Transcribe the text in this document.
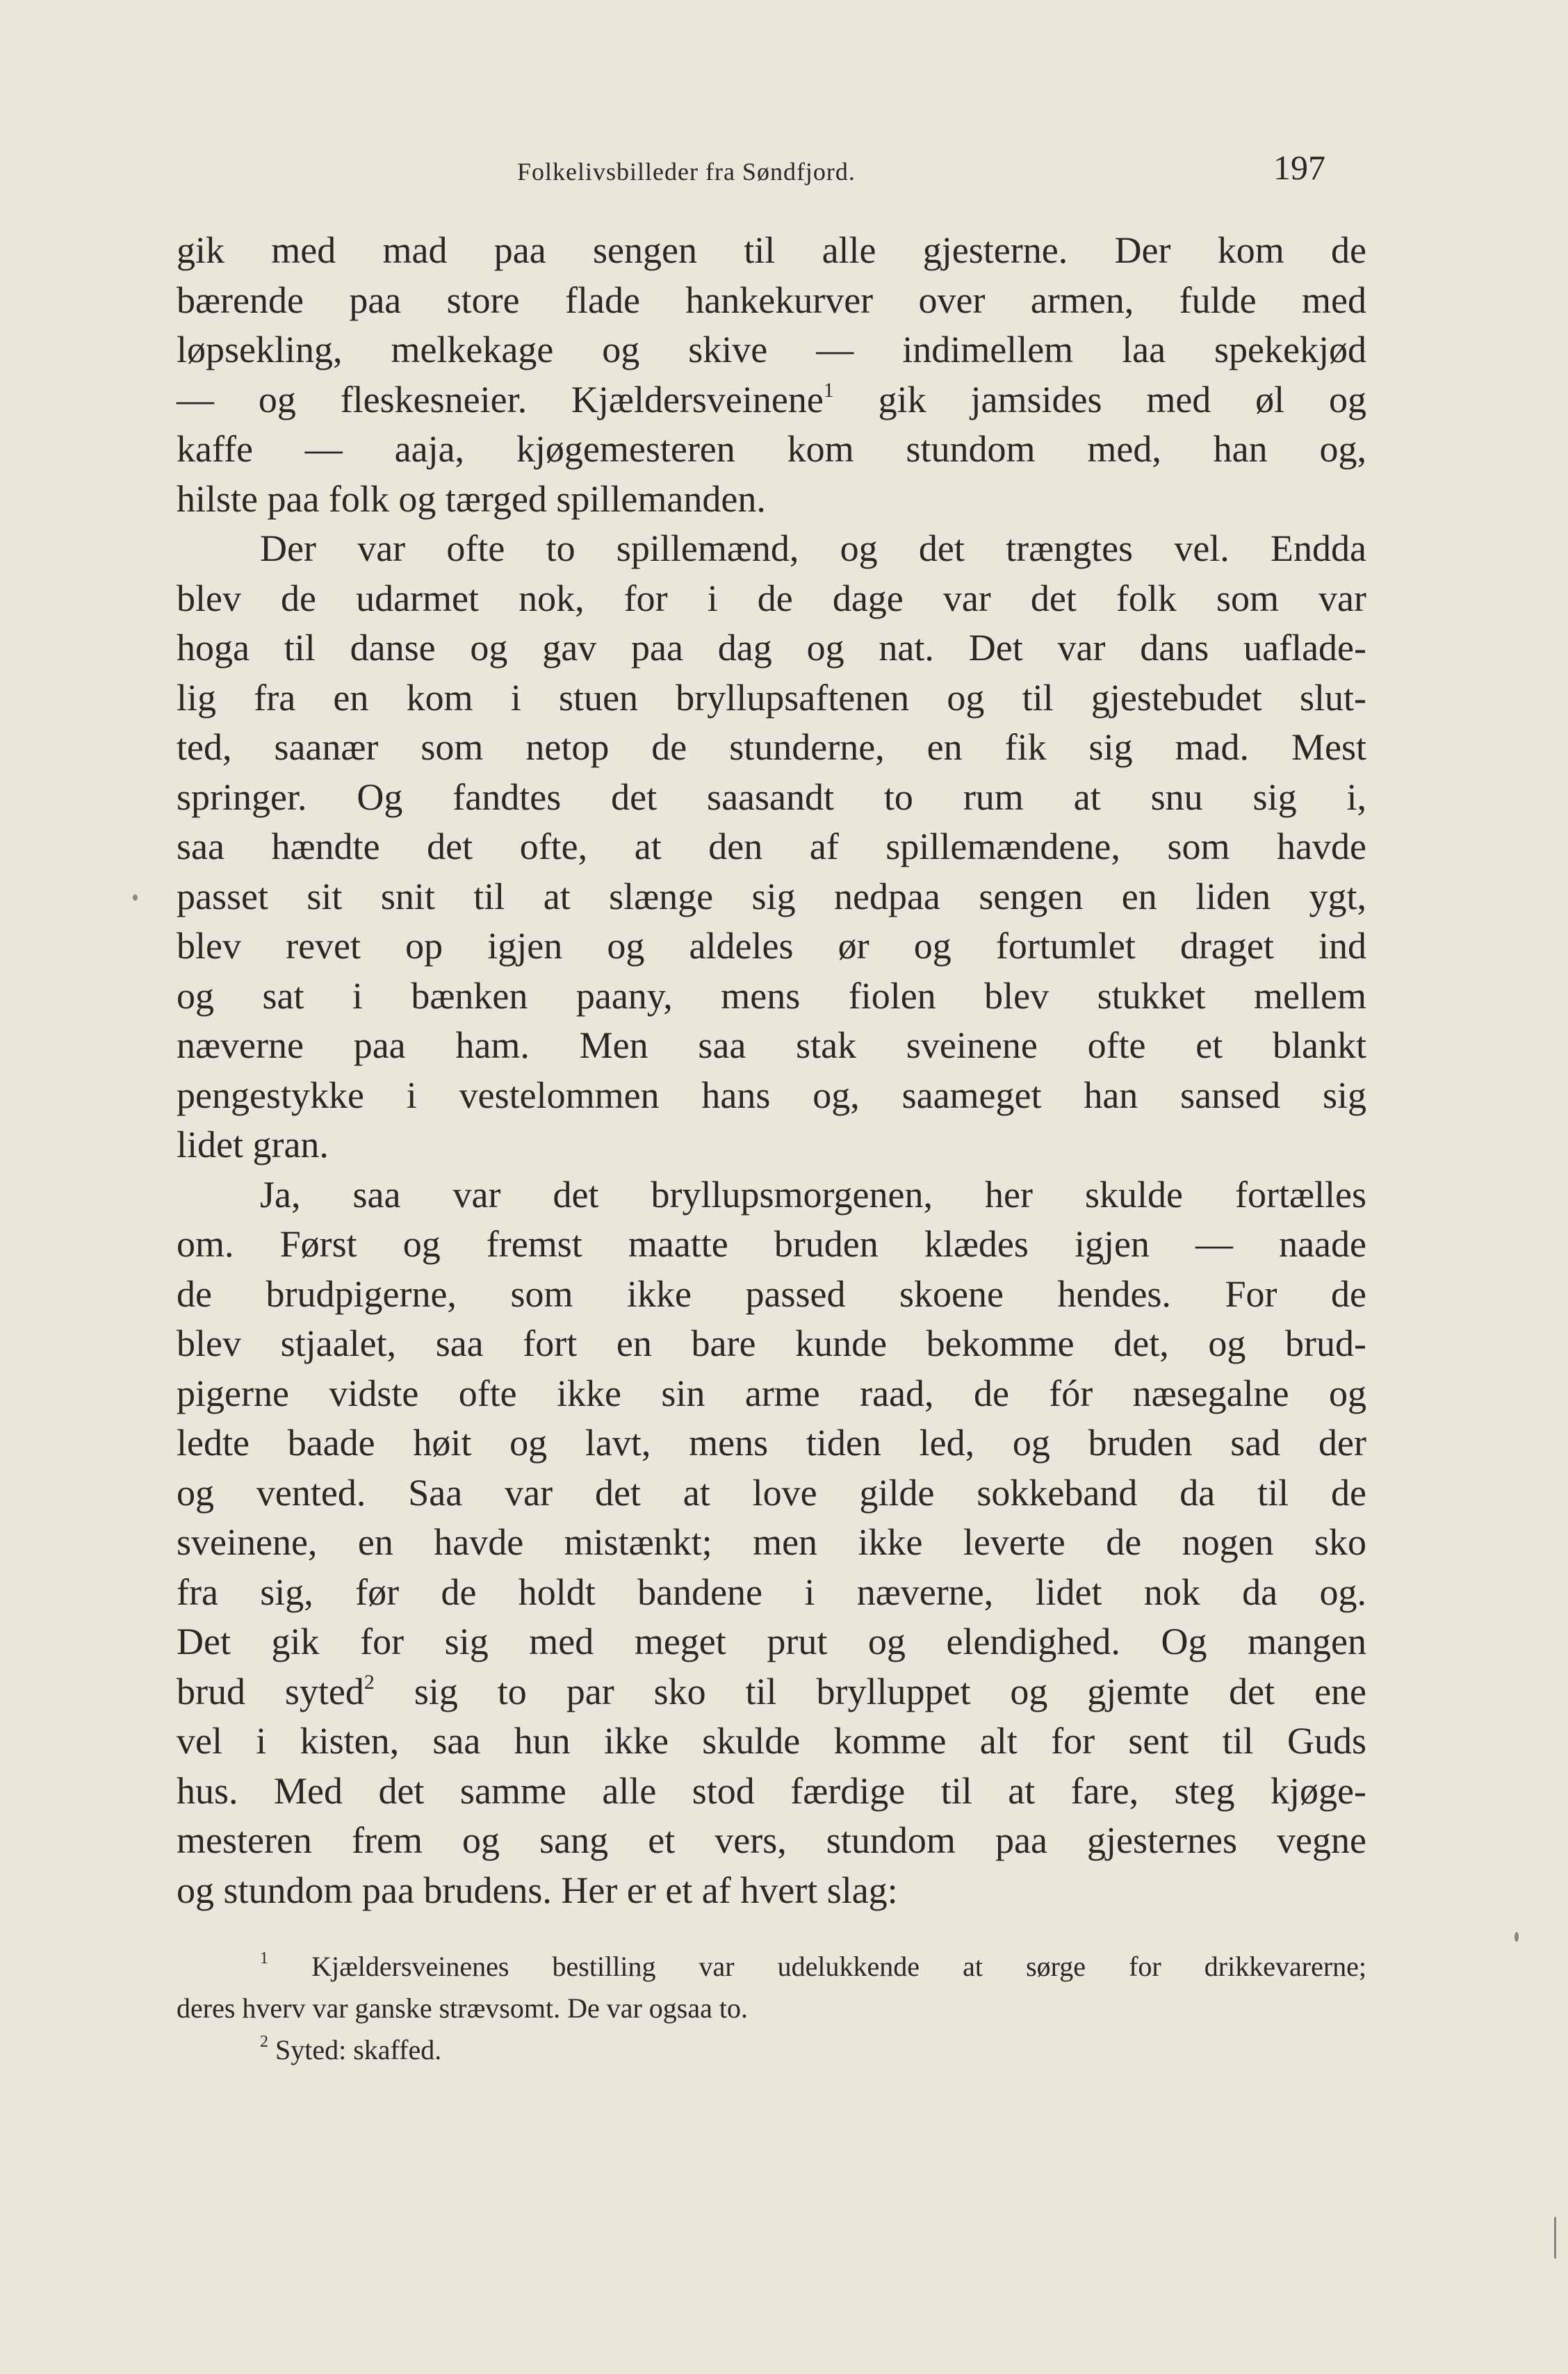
Folkelivsbilleder fra Søndfjord.	197
gik med mad paa sengen til alle gjesterne. Der kom de
bærende paa store flade hankekurver over armen, fulde med
løpsekling, melkekage og skive — indimellem laa spekekjød
— og fleskesneier. Kjældersveinene$^1$ gik jamsides med øl og
kaffe — aaja, kjøgemesteren kom stundom med, han og,
hilste paa folk og tærged spillemanden.
Der var ofte to spillemænd, og det trængtes vel. Endda
blev de udarmet nok, for i de dage var det folk som var
hoga til danse og gav paa dag og nat. Det var dans uaflade-
lig fra en kom i stuen bryllupsaftenen og til gjestebudet slut-
ted, saanær som netop de stunderne, en fik sig mad. Mest
springer. Og fandtes det saasandt to rum at snu sig i,
saa hændte det ofte, at den af spillemændene, som havde
passet sit snit til at slænge sig nedpaa sengen en liden ygt,
blev revet op igjen og aldeles ør og fortumlet draget ind
og sat i bænken paany, mens fiolen blev stukket mellem
næverne paa ham. Men saa stak sveinene ofte et blankt
pengestykke i vestelommen hans og, saameget han sansed sig
lidet gran.
Ja, saa var det bryllupsmorgenen, her skulde fortælles
om. Først og fremst maatte bruden klædes igjen — naade
de brudpigerne, som ikke passed skoene hendes. For de
blev stjaalet, saa fort en bare kunde bekomme det, og brud-
pigerne vidste ofte ikke sin arme raad, de fór næsegalne og
ledte baade høit og lavt, mens tiden led, og bruden sad der
og vented. Saa var det at love gilde sokkeband da til de
sveinene, en havde mistænkt; men ikke leverte de nogen sko
fra sig, før de holdt bandene i næverne, lidet nok da og.
Det gik for sig med meget prut og elendighed. Og mangen
brud syted$^2$ sig to par sko til bryllupp​et og gjemte det ene
vel i kisten, saa hun ikke skulde komme alt for sent til Guds
hus. Med det samme alle stod færdige til at fare, steg kjøge-
mesteren frem og sang et vers, stundom paa gjesternes vegne
og stundom paa brudens. Her er et af hvert slag:
$^1$ Kjældersveinenes bestilling var udelukkende at sørge for drikkevarerne;
deres hverv var ganske strævsomt. De var ogsaa to.
$^2$ Syted: skaffed.
